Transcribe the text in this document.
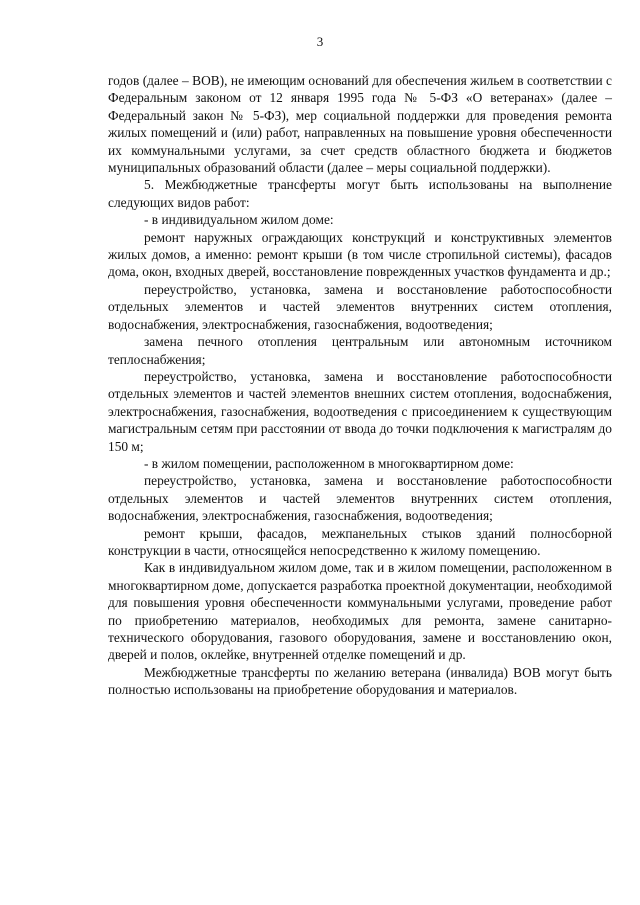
3

годов (далее – ВОВ), не имеющим оснований для обеспечения жильем в соответствии с Федеральным законом от 12 января 1995 года № 5-ФЗ «О ветеранах» (далее – Федеральный закон № 5-ФЗ), мер социальной поддержки для проведения ремонта жилых помещений и (или) работ, направленных на повышение уровня обеспеченности их коммунальными услугами, за счет средств областного бюджета и бюджетов муниципальных образований области (далее – меры социальной поддержки).

5. Межбюджетные трансферты могут быть использованы на выполнение следующих видов работ:

- в индивидуальном жилом доме:

ремонт наружных ограждающих конструкций и конструктивных элементов жилых домов, а именно: ремонт крыши (в том числе стропильной системы), фасадов дома, окон, входных дверей, восстановление поврежденных участков фундамента и др.;

переустройство, установка, замена и восстановление работоспособности отдельных элементов и частей элементов внутренних систем отопления, водоснабжения, электроснабжения, газоснабжения, водоотведения;

замена печного отопления центральным или автономным источником теплоснабжения;

переустройство, установка, замена и восстановление работоспособности отдельных элементов и частей элементов внешних систем отопления, водоснабжения, электроснабжения, газоснабжения, водоотведения с присоединением к существующим магистральным сетям при расстоянии от ввода до точки подключения к магистралям до 150 м;

- в жилом помещении, расположенном в многоквартирном доме:

переустройство, установка, замена и восстановление работоспособности отдельных элементов и частей элементов внутренних систем отопления, водоснабжения, электроснабжения, газоснабжения, водоотведения;

ремонт крыши, фасадов, межпанельных стыков зданий полносборной конструкции в части, относящейся непосредственно к жилому помещению.

Как в индивидуальном жилом доме, так и в жилом помещении, расположенном в многоквартирном доме, допускается разработка проектной документации, необходимой для повышения уровня обеспеченности коммунальными услугами, проведение работ по приобретению материалов, необходимых для ремонта, замене санитарно-технического оборудования, газового оборудования, замене и восстановлению окон, дверей и полов, оклейке, внутренней отделке помещений и др.

Межбюджетные трансферты по желанию ветерана (инвалида) ВОВ могут быть полностью использованы на приобретение оборудования и материалов.
